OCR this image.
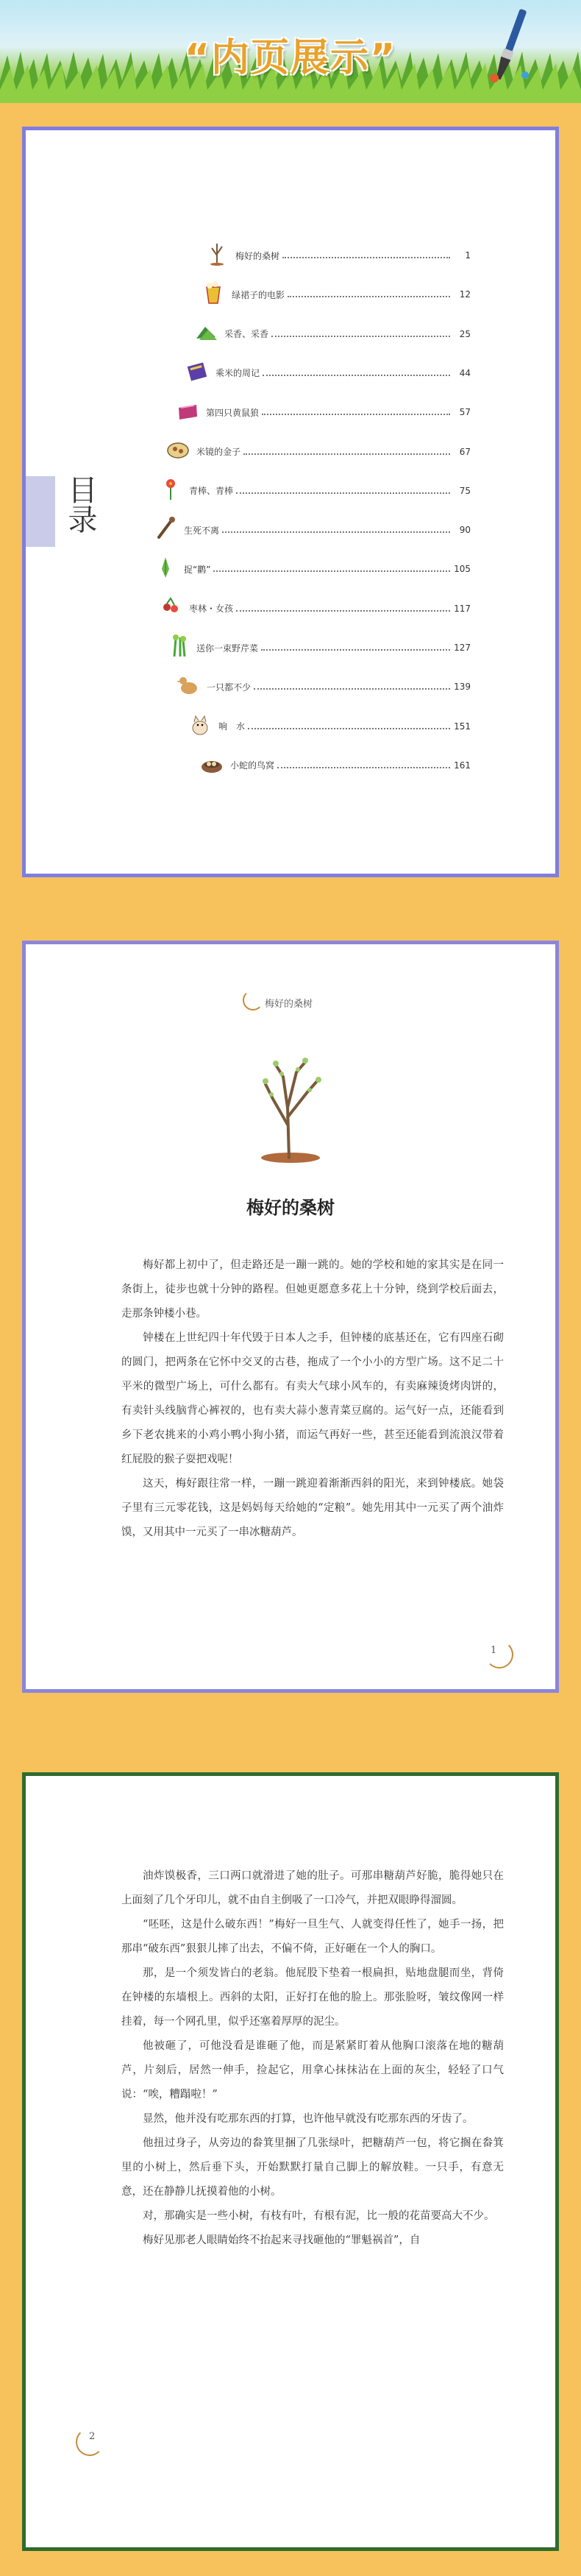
“内页展示”
目录
梅好的桑树	1
绿裙子的电影	12
采香、采香	25
乘米的周记	44
第四只黄鼠狼	57
米镜的金子	67
青棒、青棒	75
生死不离	90
捉“鹳”	105
枣林・女孩	117
送你一束野芹菜	127
一只都不少	139
响　水	151
小蛇的鸟窝	161
梅好的桑树
梅好的桑树

梅好都上初中了，但走路还是一蹦一跳的。她的学校和她的家其实是在同一条街上，徒步也就十分钟的路程。但她更愿意多花上十分钟，绕到学校后面去，走那条钟楼小巷。

钟楼在上世纪四十年代毁于日本人之手，但钟楼的底基还在，它有四座石砌的圆门，把两条在它怀中交叉的古巷，拖成了一个小小的方型广场。这不足二十平米的微型广场上，可什么都有。有卖大气球小风车的，有卖麻辣烫烤肉饼的，有卖针头线脑背心裤衩的，也有卖大蒜小葱青菜豆腐的。运气好一点，还能看到乡下老农挑来的小鸡小鸭小狗小猪，而运气再好一些，甚至还能看到流浪汉带着红屁股的猴子耍把戏呢！

这天，梅好跟往常一样，一蹦一跳迎着渐渐西斜的阳光，来到钟楼底。她袋子里有三元零花钱，这是妈妈每天给她的“定粮”。她先用其中一元买了两个油炸馍，又用其中一元买了一串冰糖葫芦。

1

油炸馍极香，三口两口就滑进了她的肚子。可那串糖葫芦好脆，脆得她只在上面刻了几个牙印儿，就不由自主倒吸了一口冷气，并把双眼睁得溜圆。

“呸呸，这是什么破东西！”梅好一旦生气、人就变得任性了，她手一扬，把那串“破东西”狠狠儿摔了出去，不偏不倚，正好砸在一个人的胸口。

那，是一个须发皆白的老翁。他屁股下垫着一根扁担，贴地盘腿而坐，背倚在钟楼的东墙根上。西斜的太阳，正好打在他的脸上。那张脸呀，皱纹像网一样挂着，每一个网孔里，似乎还塞着厚厚的泥尘。

他被砸了，可他没看是谁砸了他，而是紧紧盯着从他胸口滚落在地的糖葫芦，片刻后，居然一伸手，捡起它，用拿心抹抹沾在上面的灰尘，轻轻了口气说：“唉，糟蹋啦！”

显然，他并没有吃那东西的打算，也许他早就没有吃那东西的牙齿了。

他扭过身子，从旁边的畚箕里捆了几张绿叶，把糖葫芦一包，将它搁在畚箕里的小树上，然后垂下头，开始默默打量自己脚上的解放鞋。一只手，有意无意，还在静静儿抚摸着他的小树。

对，那确实是一些小树，有枝有叶，有根有泥，比一般的花苗要高大不少。

梅好见那老人眼睛始终不抬起来寻找砸他的“罪魁祸首”，自

2
